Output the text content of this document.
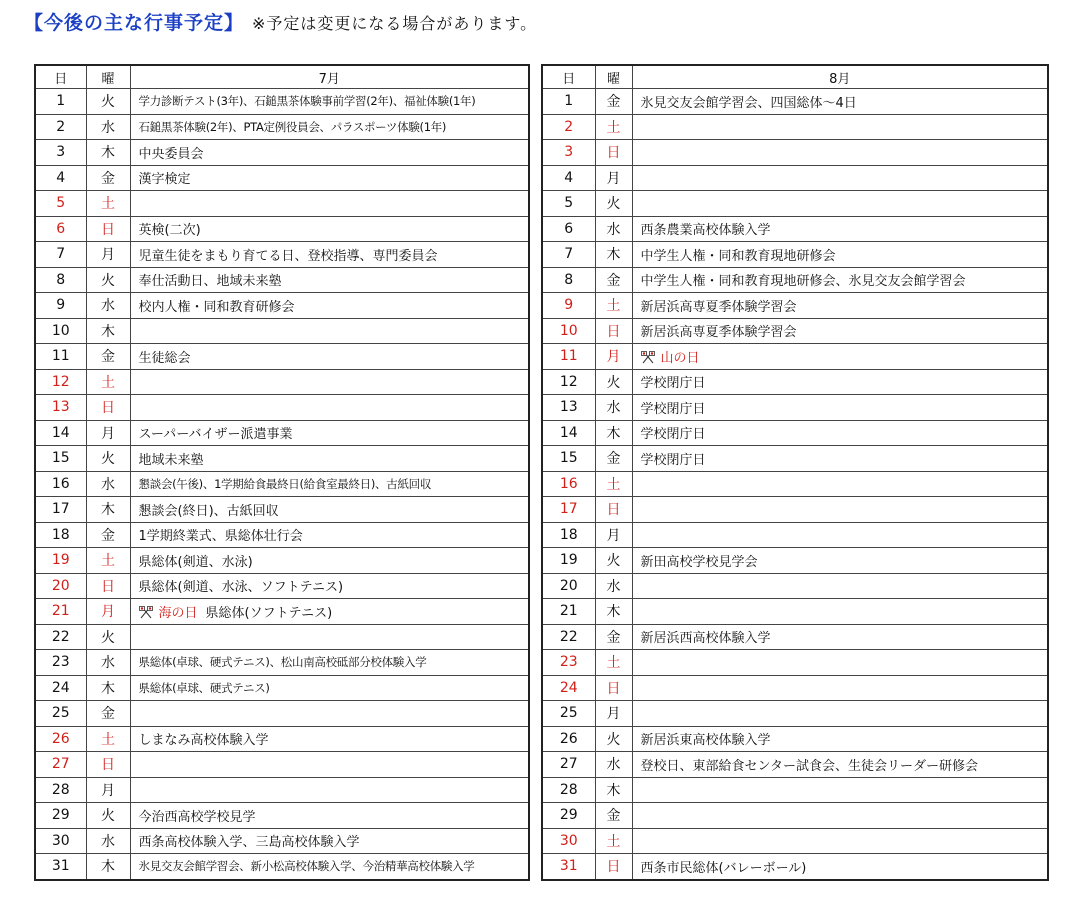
【今後の主な行事予定】 ※予定は変更になる場合があります。
日	曜	7月
1	火	学力診断テスト(3年)、石鎚黒茶体験事前学習(2年)、福祉体験(1年)
2	水	石鎚黒茶体験(2年)、PTA定例役員会、パラスポーツ体験(1年)
3	木	中央委員会
4	金	漢字検定
5	土	
6	日	英検(二次)
7	月	児童生徒をまもり育てる日、登校指導、専門委員会
8	火	奉仕活動日、地域未来塾
9	水	校内人権・同和教育研修会
10	木	
11	金	生徒総会
12	土	
13	日	
14	月	スーパーバイザー派遣事業
15	火	地域未来塾
16	水	懇談会(午後)、1学期給食最終日(給食室最終日)、古紙回収
17	木	懇談会(終日)、古紙回収
18	金	1学期終業式、県総体壮行会
19	土	県総体(剣道、水泳)
20	日	県総体(剣道、水泳、ソフトテニス)
21	月	海の日 県総体(ソフトテニス)
22	火	
23	水	県総体(卓球、硬式テニス)、松山南高校砥部分校体験入学
24	木	県総体(卓球、硬式テニス)
25	金	
26	土	しまなみ高校体験入学
27	日	
28	月	
29	火	今治西高校学校見学
30	水	西条高校体験入学、三島高校体験入学
31	木	氷見交友会館学習会、新小松高校体験入学、今治精華高校体験入学
日	曜	8月
1	金	氷見交友会館学習会、四国総体～4日
2	土	
3	日	
4	月	
5	火	
6	水	西条農業高校体験入学
7	木	中学生人権・同和教育現地研修会
8	金	中学生人権・同和教育現地研修会、氷見交友会館学習会
9	土	新居浜高専夏季体験学習会
10	日	新居浜高専夏季体験学習会
11	月	山の日
12	火	学校閉庁日
13	水	学校閉庁日
14	木	学校閉庁日
15	金	学校閉庁日
16	土	
17	日	
18	月	
19	火	新田高校学校見学会
20	水	
21	木	
22	金	新居浜西高校体験入学
23	土	
24	日	
25	月	
26	火	新居浜東高校体験入学
27	水	登校日、東部給食センター試食会、生徒会リーダー研修会
28	木	
29	金	
30	土	
31	日	西条市民総体(バレーボール)
